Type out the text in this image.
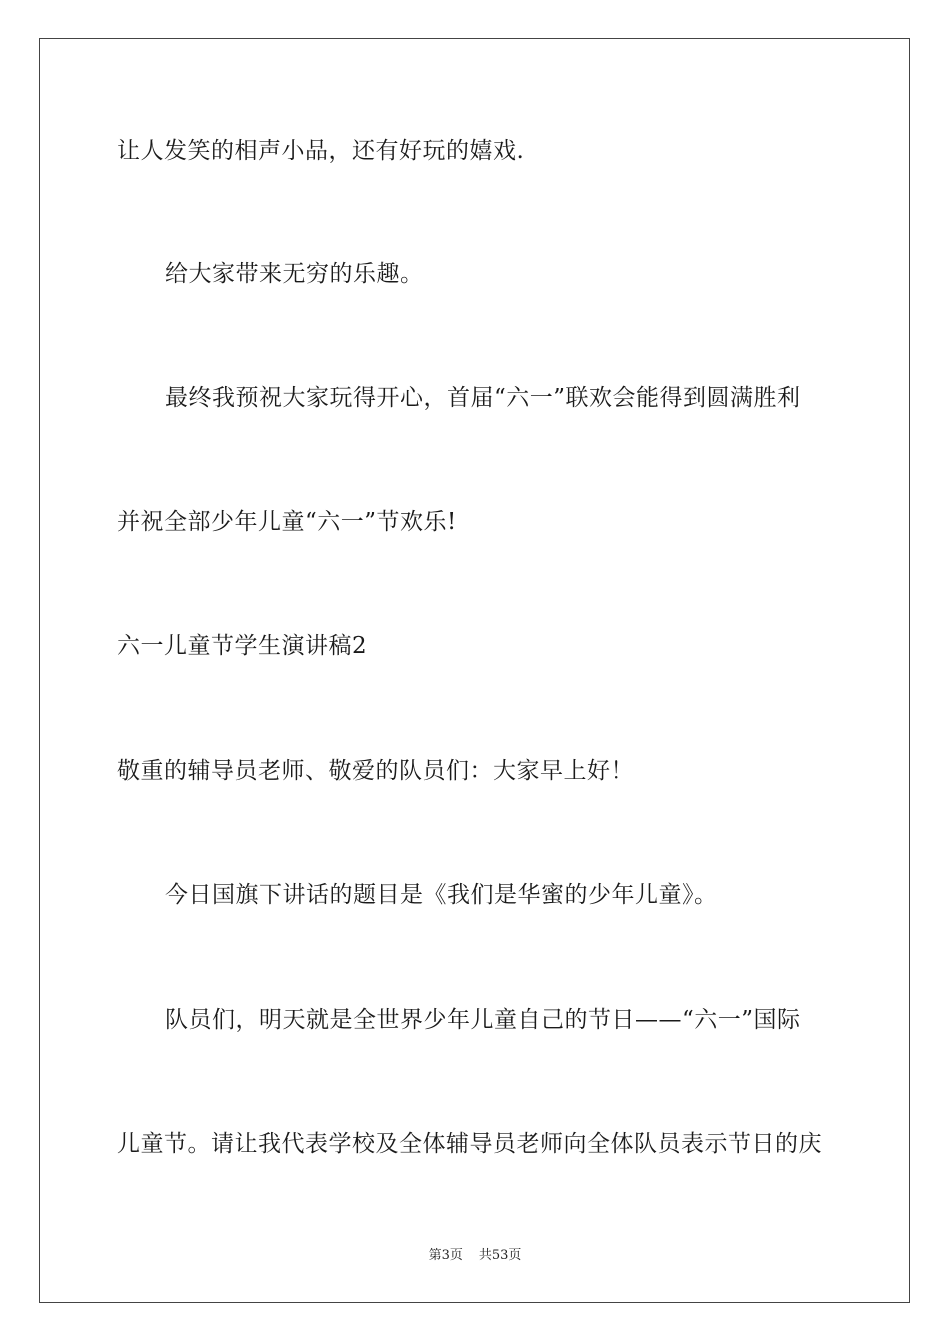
让人发笑的相声小品，还有好玩的嬉戏.
给大家带来无穷的乐趣。
最终我预祝大家玩得开心，首届“六一”联欢会能得到圆满胜利
并祝全部少年儿童“六一”节欢乐!
六一儿童节学生演讲稿2
敬重的辅导员老师、敬爱的队员们：大家早上好！
今日国旗下讲话的题目是《我们是华蜜的少年儿童》。
队员们，明天就是全世界少年儿童自己的节日——“六一”国际
儿童节。请让我代表学校及全体辅导员老师向全体队员表示节日的庆
第3页 共53页
